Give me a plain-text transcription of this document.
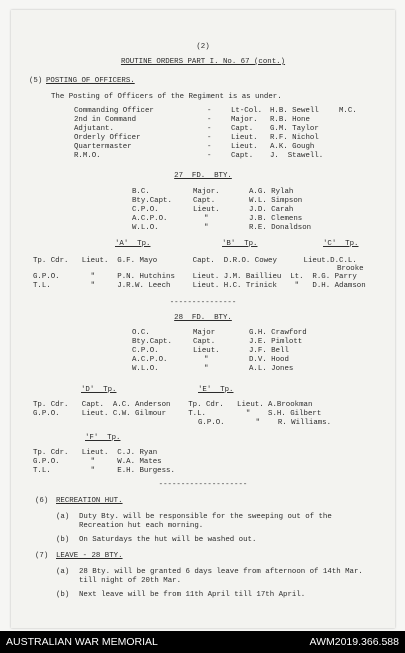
(2)
ROUTINE ORDERS PART I. No. 67 (cont.)
(5) POSTING OF OFFICERS.
The Posting of Officers of the Regiment is as under.
Commanding Officer	-	Lt-Col. H.B. Sewell	M.C.
2nd in Command	-	Major. R.B. Hone
Adjutant.	-	Capt. G.M. Taylor
Orderly Officer	-	Lieut. R.F. Nichol
Quartermaster	-	Lieut. A.K. Gough
R.M.O.	-	Capt. J.  Stawell.
27  FD.  BTY.
B.C.	Major.	A.G. Rylah
Bty.Capt.	Capt.	W.L. Simpson
C.P.O.	Lieut.	J.D. Carah
A.C.P.O.	"	J.B. Clemens
W.L.O.	"	R.E. Donaldson
'A'  Tp.	'B'  Tp.	'C'  Tp.
Tp. Cdr.   Lieut.  G.F. Mayo        Capt.  D.R.O. Cowey      Lieut.D.C.L.
Brooke
G.P.O.       "     P.N. Hutchins    Lieut. J.M. Baillieu  Lt.  R.G. Parry
T.L.         "     J.R.W. Leech     Lieut. H.C. Trinick    "   D.H. Adamson
---------------
28  FD.  BTY.
O.C.	Major	G.H. Crawford
Bty.Capt.	Capt.	J.E. Pimlott
C.P.O.	Lieut.	J.F. Bell
A.C.P.O.	"	D.V. Hood
W.L.O.	"	A.L. Jones
'D'  Tp.	'E'  Tp.
Tp. Cdr.   Capt.  A.C. Anderson    Tp. Cdr.   Lieut. A.Brookman
G.P.O.     Lieut. C.W. Gilmour     T.L.         "    S.H. Gilbert
G.P.O.       "    R. Williams.
'F'  Tp.
Tp. Cdr.   Lieut.  C.J. Ryan
G.P.O.       "     W.A. Mates
T.L.         "     E.H. Burgess.
--------------------
(6) RECREATION HUT.
(a) Duty Bty. will be responsible for the sweeping out of the
Recreation hut each morning.
(b) On Saturdays the hut will be washed out.
(7) LEAVE - 28 BTY.
(a) 28 Bty. will be granted 6 days leave from afternoon of 14th Mar.
till night of 20th Mar.
(b) Next leave will be from 11th April till 17th April.
AUSTRALIAN WAR MEMORIAL	AWM2019.366.588
